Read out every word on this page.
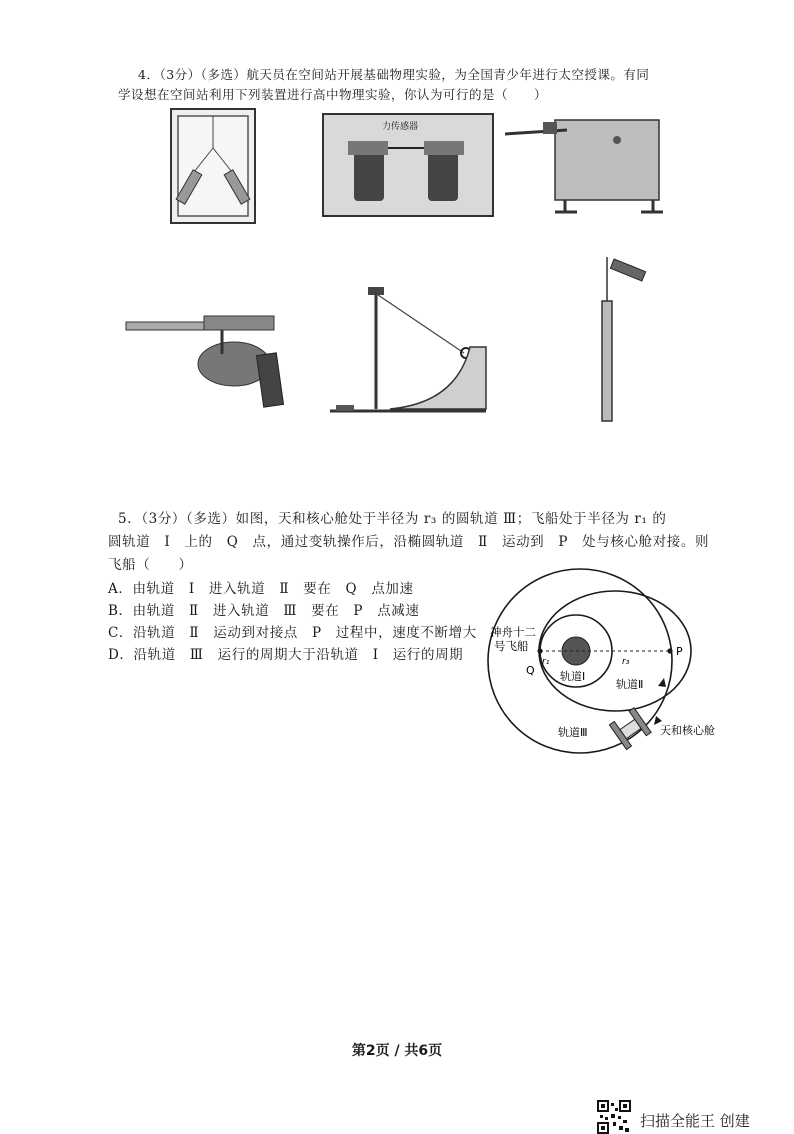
4．（3分）（多选）航天员在空间站开展基础物理实验，为全国青少年进行太空授课。有同
学设想在空间站利用下列装置进行高中物理实验，你认为可行的是（　　）
力传感器
5．（3分）（多选）如图，天和核心舱处于半径为 r₃ 的圆轨道 Ⅲ；飞船处于半径为 r₁ 的
圆轨道　Ⅰ　上的　Q　点，通过变轨操作后，沿椭圆轨道　Ⅱ　运动到　P　处与核心舱对接。则
飞船（　　）
A．由轨道　Ⅰ　进入轨道　Ⅱ　要在　Q　点加速
B．由轨道　Ⅱ　进入轨道　Ⅲ　要在　P　点减速
C．沿轨道　Ⅱ　运动到对接点　P　过程中，速度不断增大
D．沿轨道　Ⅲ　运行的周期大于沿轨道　Ⅰ　运行的周期
神舟十二
号飞船
Q
P
r₁	r₃
轨道Ⅰ
轨道Ⅱ
轨道Ⅲ	天和核心舱
第2页 / 共6页
扫描全能王 创建
